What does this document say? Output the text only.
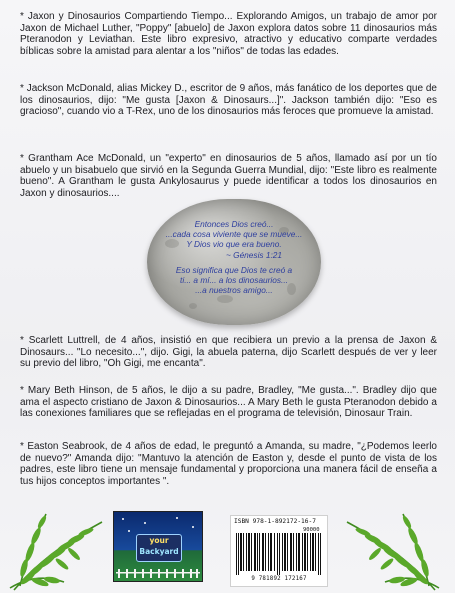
* Jaxon y Dinosaurios Compartiendo Tiempo... Explorando Amigos, un trabajo de amor por Jaxon de Michael Luther, "Poppy" [abuelo] de Jaxon explora datos sobre 11 dinosaurios más Pteranodon y Leviathan. Este libro expresivo, atractivo y educativo comparte verdades bíblicas sobre la amistad para alentar a los "niños" de todas las edades.

* Jackson McDonald, alias Mickey D., escritor de 9 años, más fanático de los deportes que de los dinosaurios, dijo: "Me gusta [Jaxon & Dinosaurs...]". Jackson también dijo: "Eso es gracioso", cuando vio a T-Rex, uno de los dinosaurios más feroces que promueve la amistad.

* Grantham Ace McDonald, un "experto" en dinosaurios de 5 años, llamado así por un tío abuelo y un bisabuelo que sirvió en la Segunda Guerra Mundial, dijo: "Este libro es realmente bueno". A Grantham le gusta Ankylosaurus y puede identificar a todos los dinosaurios en Jaxon y dinosaurios....

Entonces Dios creó...
...cada cosa viviente que se mueve...
Y Dios vio que era bueno.
~ Génesis 1:21
Eso significa que Dios te creó a
ti... a mí... a los dinosaurios...
...a nuestros amigo...

* Scarlett Luttrell, de 4 años, insistió en que recibiera un previo a la prensa de Jaxon & Dinosaurs... "Lo necesito...", dijo. Gigi, la abuela paterna, dijo Scarlett después de ver y leer su previo del libro, "Oh Gigi, me encanta".

* Mary Beth Hinson, de 5 años, le dijo a su padre, Bradley, "Me gusta...". Bradley dijo que ama el aspecto cristiano de Jaxon & Dinosaurios... A Mary Beth le gusta Pteranodon debido a las conexiones familiares que se reflejadas en el programa de televisión, Dinosaur Train.

* Easton Seabrook, de 4 años de edad, le preguntó a Amanda, su madre, "¿Podemos leerlo de nuevo?" Amanda dijo: "Mantuvo la atención de Easton y, desde el punto de vista de los padres, este libro tiene un mensaje fundamental y proporciona una manera fácil de enseña a tus hijos conceptos importantes ".

your
Backyard
ISBN 978-1-892172-16-7
90000
9 781892 172167
